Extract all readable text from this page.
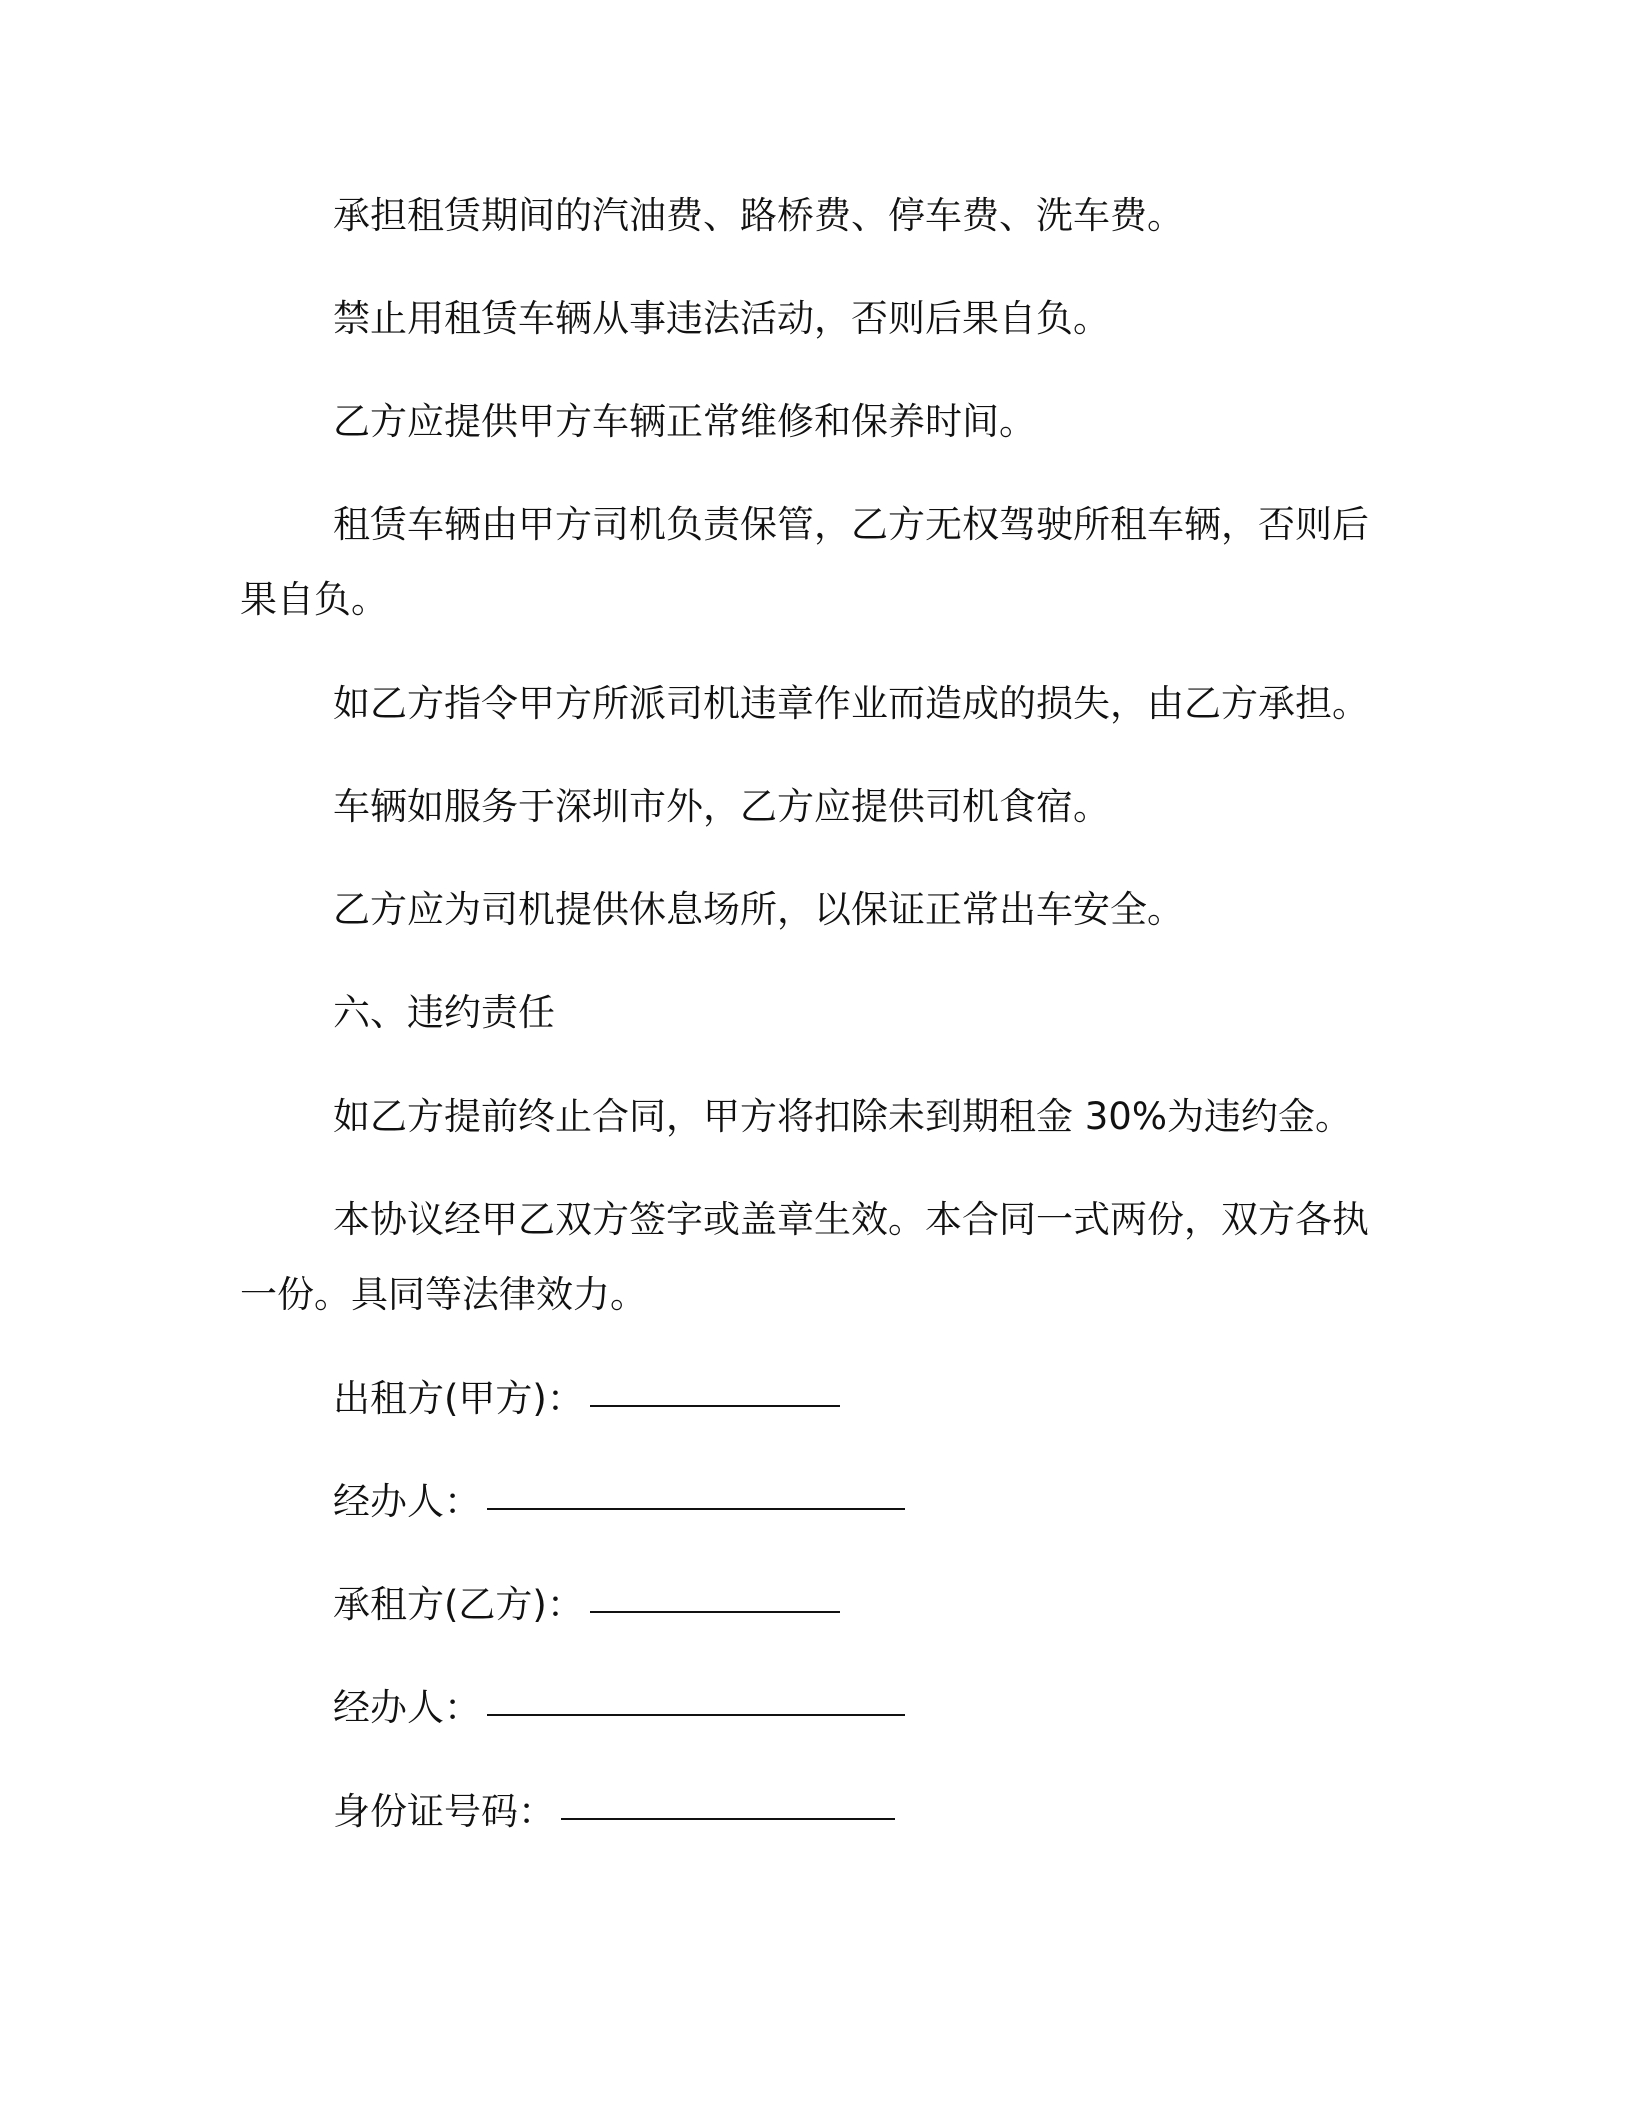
承担租赁期间的汽油费、路桥费、停车费、洗车费。

禁止用租赁车辆从事违法活动，否则后果自负。

乙方应提供甲方车辆正常维修和保养时间。

租赁车辆由甲方司机负责保管，乙方无权驾驶所租车辆，否则后

果自负。

如乙方指令甲方所派司机违章作业而造成的损失，由乙方承担。

车辆如服务于深圳市外，乙方应提供司机食宿。

乙方应为司机提供休息场所，以保证正常出车安全。

六、违约责任

如乙方提前终止合同，甲方将扣除未到期租金 30%为违约金。

本协议经甲乙双方签字或盖章生效。本合同一式两份，双方各执

一份。具同等法律效力。

出租方(甲方)：

经办人：

承租方(乙方)：

经办人：

身份证号码：
